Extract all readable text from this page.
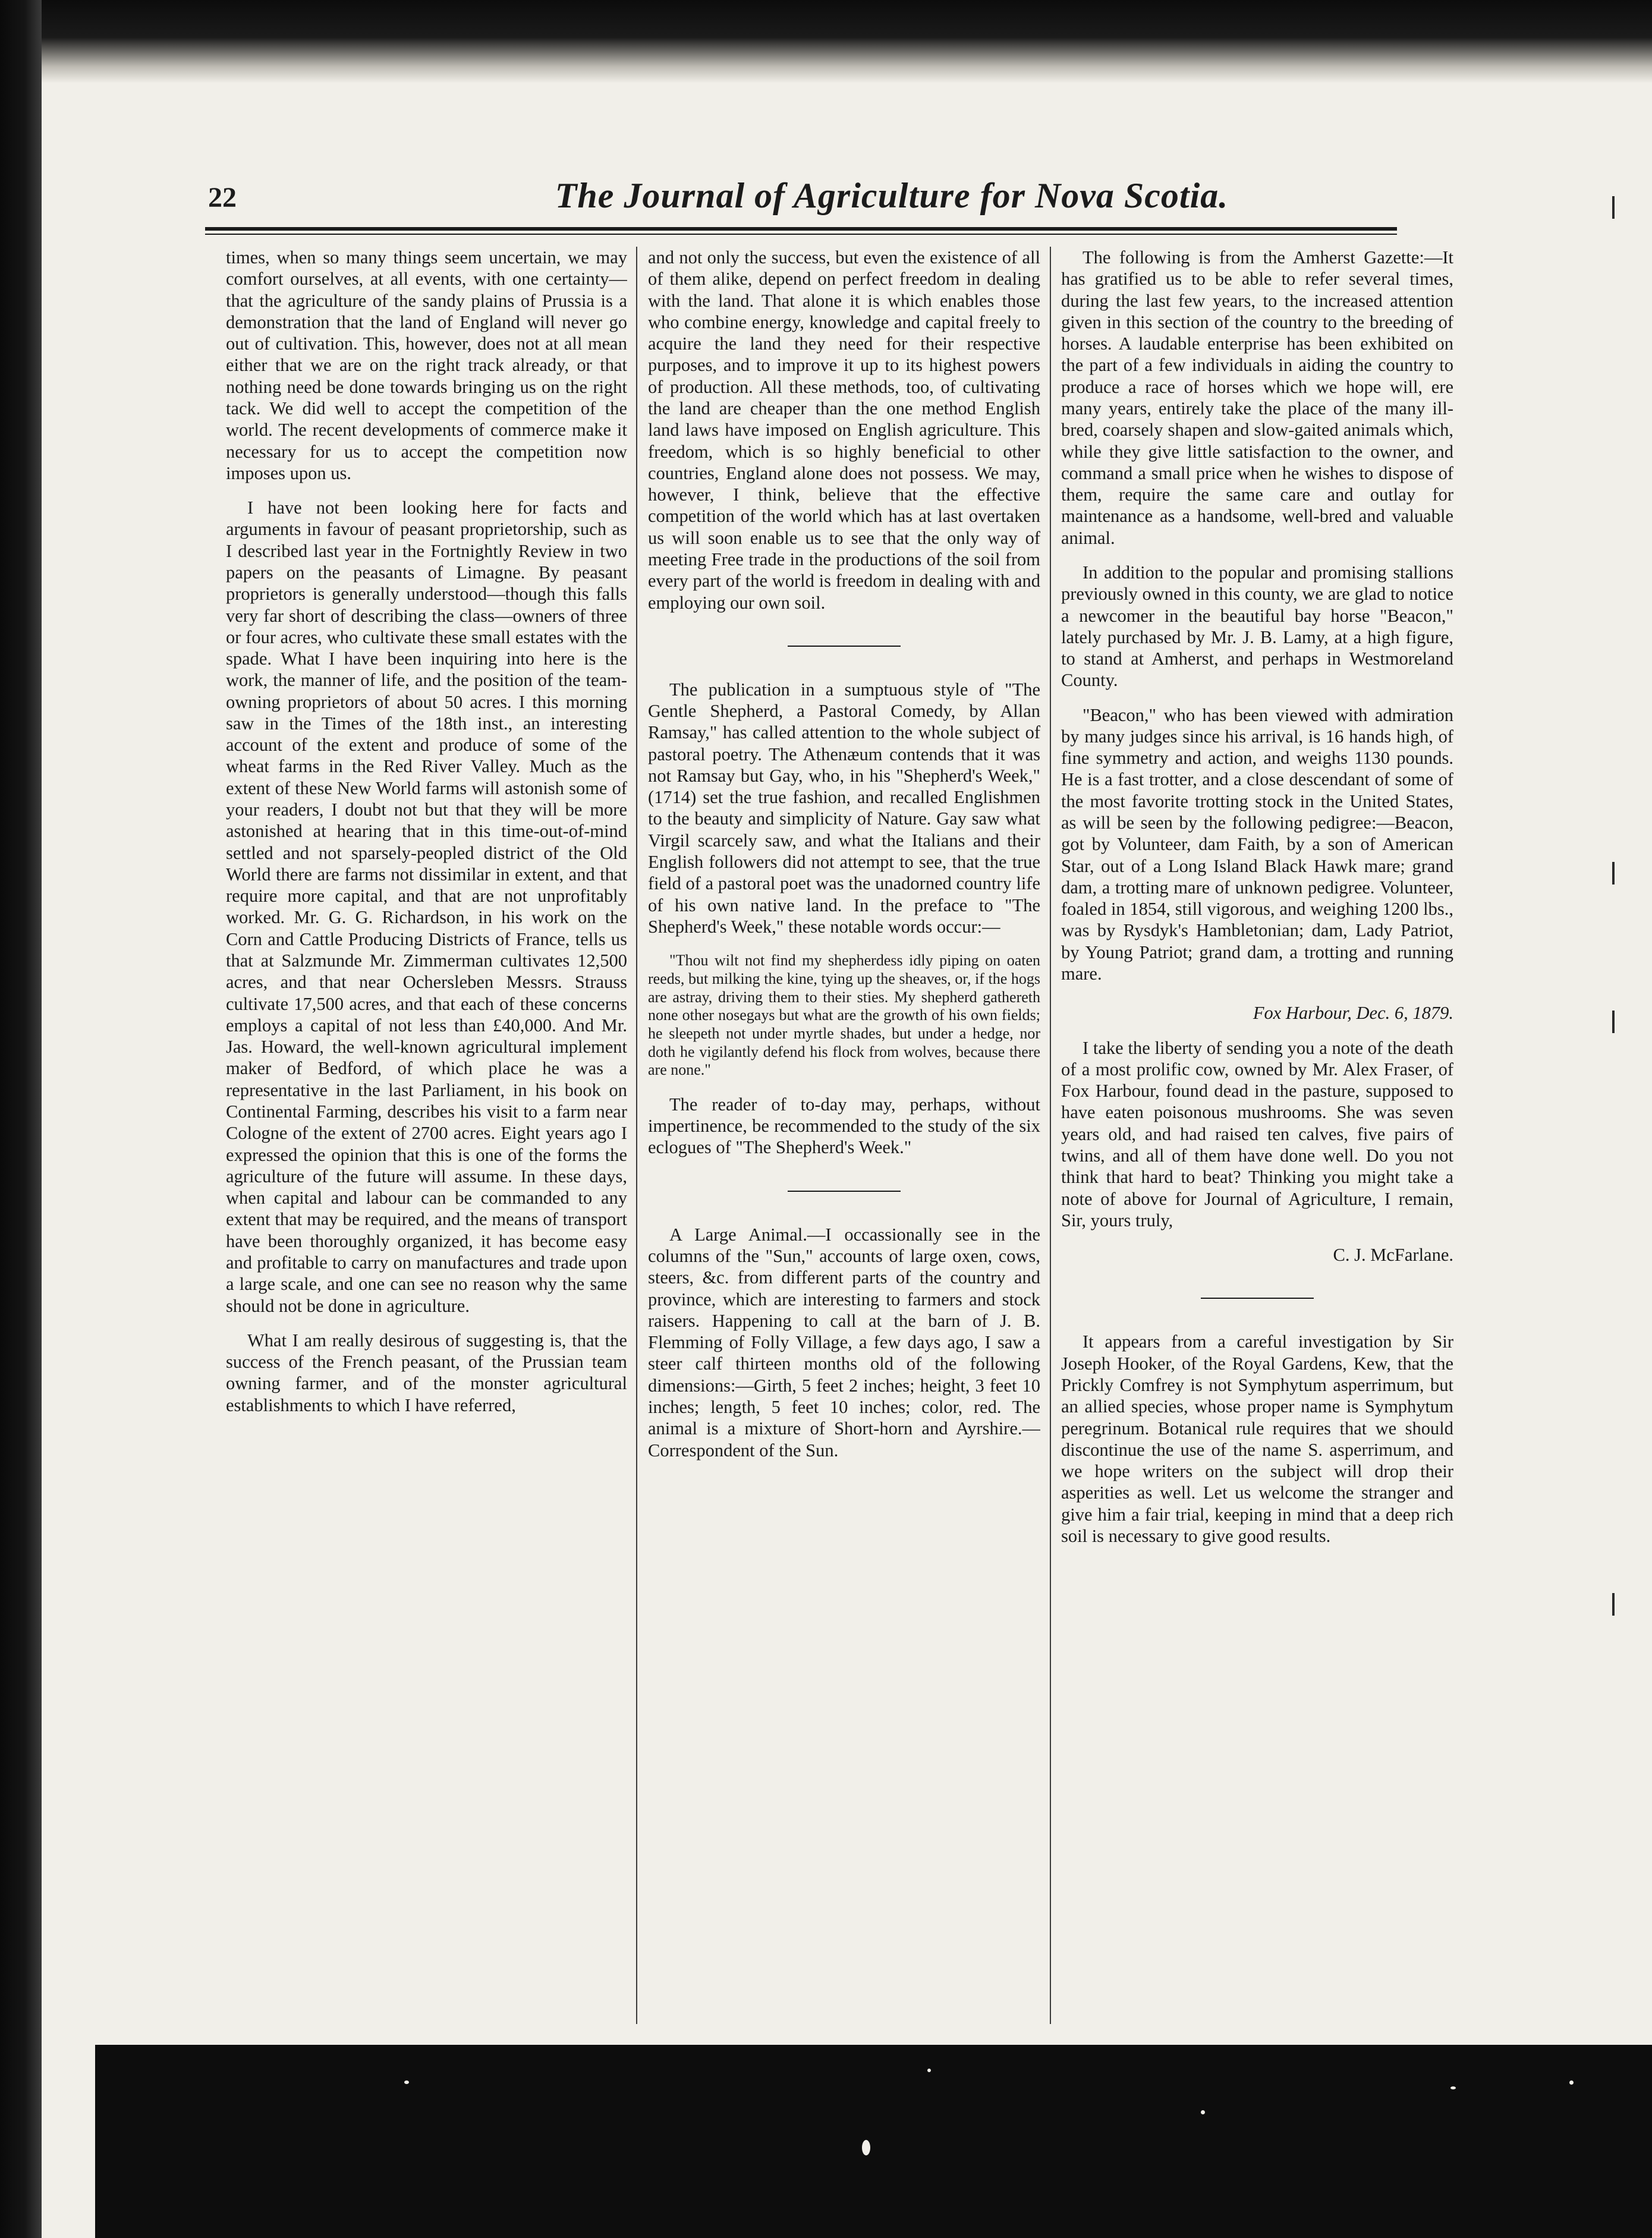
22	The Journal of Agriculture for Nova Scotia.

times, when so many things seem uncertain, we may comfort ourselves, at all events, with one certainty—that the agriculture of the sandy plains of Prussia is a demonstration that the land of England will never go out of cultivation. This, however, does not at all mean either that we are on the right track already, or that nothing need be done towards bringing us on the right tack. We did well to accept the competition of the world. The recent developments of commerce make it necessary for us to accept the competition now imposes upon us.

I have not been looking here for facts and arguments in favour of peasant proprietorship, such as I described last year in the Fortnightly Review in two papers on the peasants of Limagne. By peasant proprietors is generally understood—though this falls very far short of describing the class—owners of three or four acres, who cultivate these small estates with the spade. What I have been inquiring into here is the work, the manner of life, and the position of the team-owning proprietors of about 50 acres. I this morning saw in the Times of the 18th inst., an interesting account of the extent and produce of some of the wheat farms in the Red River Valley. Much as the extent of these New World farms will astonish some of your readers, I doubt not but that they will be more astonished at hearing that in this time-out-of-mind settled and not sparsely-peopled district of the Old World there are farms not dissimilar in extent, and that require more capital, and that are not unprofitably worked. Mr. G. G. Richardson, in his work on the Corn and Cattle Producing Districts of France, tells us that at Salzmunde Mr. Zimmerman cultivates 12,500 acres, and that near Ochersleben Messrs. Strauss cultivate 17,500 acres, and that each of these concerns employs a capital of not less than £40,000. And Mr. Jas. Howard, the well-known agricultural implement maker of Bedford, of which place he was a representative in the last Parliament, in his book on Continental Farming, describes his visit to a farm near Cologne of the extent of 2700 acres. Eight years ago I expressed the opinion that this is one of the forms the agriculture of the future will assume. In these days, when capital and labour can be commanded to any extent that may be required, and the means of transport have been thoroughly organized, it has become easy and profitable to carry on manufactures and trade upon a large scale, and one can see no reason why the same should not be done in agriculture.

What I am really desirous of suggesting is, that the success of the French peasant, of the Prussian team owning farmer, and of the monster agricultural establishments to which I have referred,

and not only the success, but even the existence of all of them alike, depend on perfect freedom in dealing with the land. That alone it is which enables those who combine energy, knowledge and capital freely to acquire the land they need for their respective purposes, and to improve it up to its highest powers of production. All these methods, too, of cultivating the land are cheaper than the one method English land laws have imposed on English agriculture. This freedom, which is so highly beneficial to other countries, England alone does not possess. We may, however, I think, believe that the effective competition of the world which has at last overtaken us will soon enable us to see that the only way of meeting Free trade in the productions of the soil from every part of the world is freedom in dealing with and employing our own soil.

The publication in a sumptuous style of "The Gentle Shepherd, a Pastoral Comedy, by Allan Ramsay," has called attention to the whole subject of pastoral poetry. The Athenæum contends that it was not Ramsay but Gay, who, in his "Shepherd's Week," (1714) set the true fashion, and recalled Englishmen to the beauty and simplicity of Nature. Gay saw what Virgil scarcely saw, and what the Italians and their English followers did not attempt to see, that the true field of a pastoral poet was the unadorned country life of his own native land. In the preface to "The Shepherd's Week," these notable words occur:—

"Thou wilt not find my shepherdess idly piping on oaten reeds, but milking the kine, tying up the sheaves, or, if the hogs are astray, driving them to their sties. My shepherd gathereth none other nosegays but what are the growth of his own fields; he sleepeth not under myrtle shades, but under a hedge, nor doth he vigilantly defend his flock from wolves, because there are none."

The reader of to-day may, perhaps, without impertinence, be recommended to the study of the six eclogues of "The Shepherd's Week."

A Large Animal.—I occassionally see in the columns of the "Sun," accounts of large oxen, cows, steers, &c. from different parts of the country and province, which are interesting to farmers and stock raisers. Happening to call at the barn of J. B. Flemming of Folly Village, a few days ago, I saw a steer calf thirteen months old of the following dimensions:—Girth, 5 feet 2 inches; height, 3 feet 10 inches; length, 5 feet 10 inches; color, red. The animal is a mixture of Short-horn and Ayrshire.—Correspondent of the Sun.

The following is from the Amherst Gazette:—It has gratified us to be able to refer several times, during the last few years, to the increased attention given in this section of the country to the breeding of horses. A laudable enterprise has been exhibited on the part of a few individuals in aiding the country to produce a race of horses which we hope will, ere many years, entirely take the place of the many ill-bred, coarsely shapen and slow-gaited animals which, while they give little satisfaction to the owner, and command a small price when he wishes to dispose of them, require the same care and outlay for maintenance as a handsome, well-bred and valuable animal.

In addition to the popular and promising stallions previously owned in this county, we are glad to notice a newcomer in the beautiful bay horse "Beacon," lately purchased by Mr. J. B. Lamy, at a high figure, to stand at Amherst, and perhaps in Westmoreland County.

"Beacon," who has been viewed with admiration by many judges since his arrival, is 16 hands high, of fine symmetry and action, and weighs 1130 pounds. He is a fast trotter, and a close descendant of some of the most favorite trotting stock in the United States, as will be seen by the following pedigree:—Beacon, got by Volunteer, dam Faith, by a son of American Star, out of a Long Island Black Hawk mare; grand dam, a trotting mare of unknown pedigree. Volunteer, foaled in 1854, still vigorous, and weighing 1200 lbs., was by Rysdyk's Hambletonian; dam, Lady Patriot, by Young Patriot; grand dam, a trotting and running mare.

Fox Harbour, Dec. 6, 1879.

I take the liberty of sending you a note of the death of a most prolific cow, owned by Mr. Alex Fraser, of Fox Harbour, found dead in the pasture, supposed to have eaten poisonous mushrooms. She was seven years old, and had raised ten calves, five pairs of twins, and all of them have done well. Do you not think that hard to beat? Thinking you might take a note of above for Journal of Agriculture, I remain, Sir, yours truly,

C. J. McFarlane.

It appears from a careful investigation by Sir Joseph Hooker, of the Royal Gardens, Kew, that the Prickly Comfrey is not Symphytum asperrimum, but an allied species, whose proper name is Symphytum peregrinum. Botanical rule requires that we should discontinue the use of the name S. asperrimum, and we hope writers on the subject will drop their asperities as well. Let us welcome the stranger and give him a fair trial, keeping in mind that a deep rich soil is necessary to give good results.
